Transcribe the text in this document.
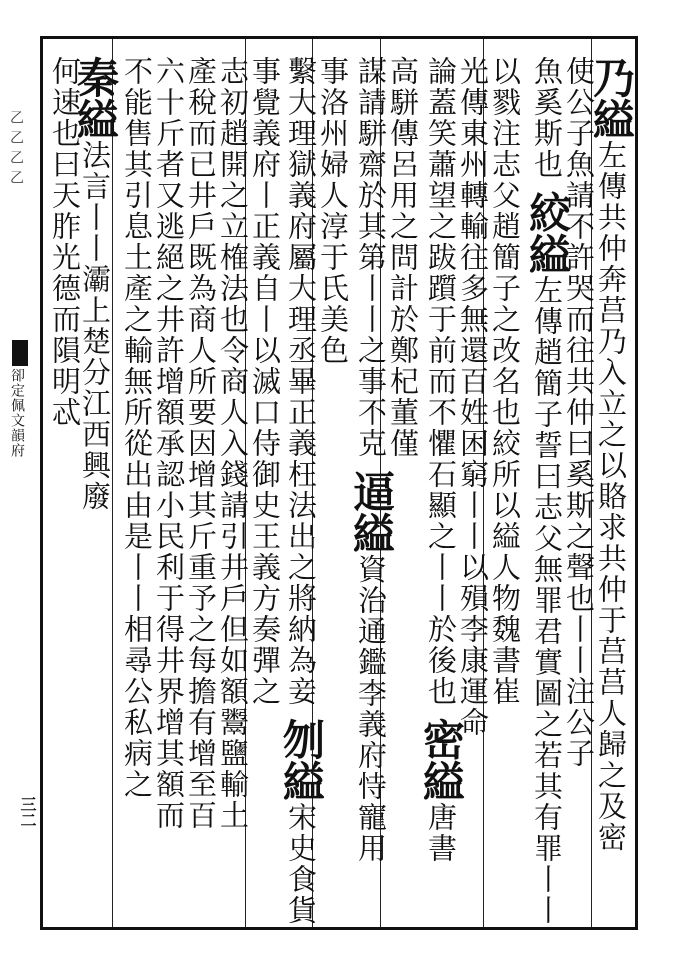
乙乙乙乙
卻定佩文韻府
三二
乃縊左傳共仲奔莒乃入立之以賂求共仲于莒莒人歸之及密
使公子魚請不許哭而往共仲曰奚斯之聲也丨丨注公子
魚奚斯也 絞縊左傳趙簡子誓曰志父無罪君實圖之若其有罪丨丨
以戮注志父趙簡子之改名也絞所以縊人物魏書崔
光傳東州轉輸往多無還百姓困窮丨丨以殞李康運命
論蓋笑蕭望之跋躓于前而不懼石顯之丨丨於後也 密縊唐書
高駢傳呂用之問計於鄭杞董僅
謀請駢齋於其第丨丨之事不克 逼縊資治通鑑李義府恃寵用
事洛州婦人淳于氏美色
繫大理獄義府屬大理丞畢正義枉法出之將納為妾 刎縊宋史食貨
事覺義府丨正義自丨以滅口侍御史王義方奏彈之
志初趙開之立榷法也令商人入錢請引井戶但如額鬻鹽輸土
產稅而已井戶既為商人所要因增其斤重予之每擔有增至百
六十斤者又逃絕之井許增額承認小民利于得井界增其額而
不能售其引息土產之輸無所從出由是丨丨相尋公私病之
秦縊法言丨丨灞上楚分江西興廢
何速也曰天胙光德而隕明忒
